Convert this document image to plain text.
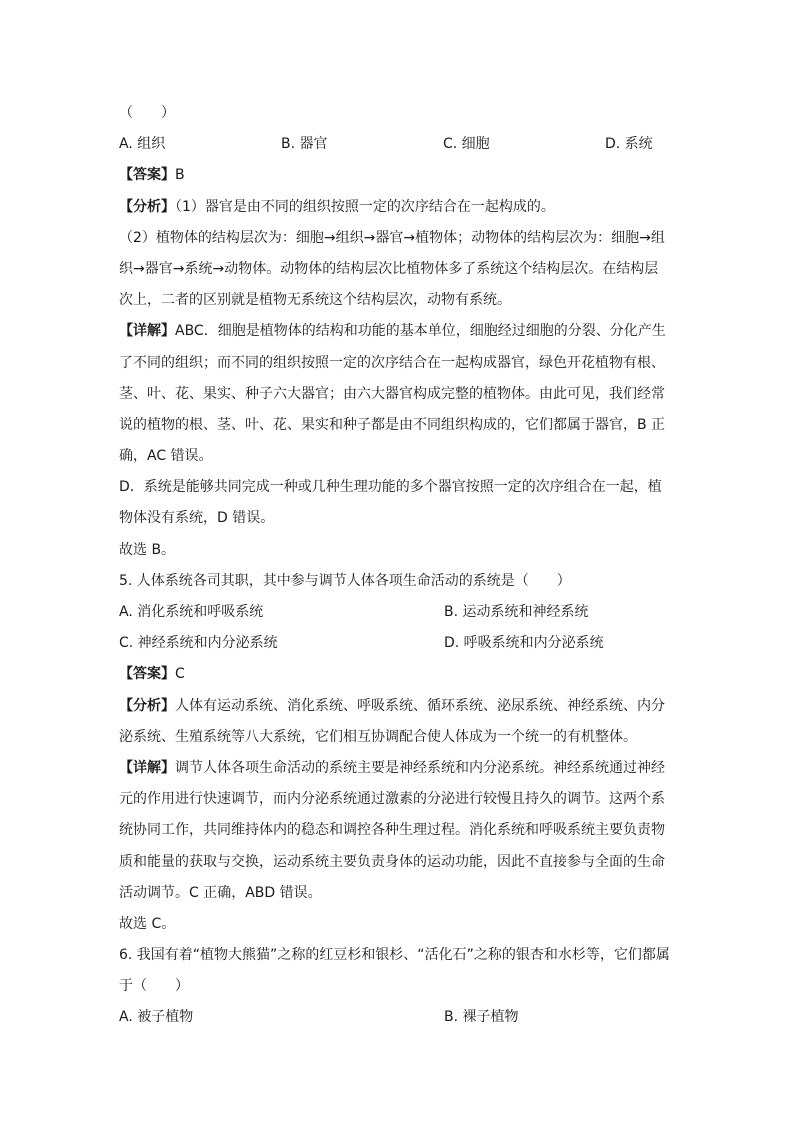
（　　）
A. 组织	B. 器官	C. 细胞	D. 系统
【答案】B
【分析】（1）器官是由不同的组织按照一定的次序结合在一起构成的。
（2）植物体的结构层次为：细胞→组织→器官→植物体；动物体的结构层次为：细胞→组
织→器官→系统→动物体。动物体的结构层次比植物体多了系统这个结构层次。在结构层
次上，二者的区别就是植物无系统这个结构层次，动物有系统。
【详解】ABC．细胞是植物体的结构和功能的基本单位，细胞经过细胞的分裂、分化产生
了不同的组织；而不同的组织按照一定的次序结合在一起构成器官，绿色开花植物有根、
茎、叶、花、果实、种子六大器官；由六大器官构成完整的植物体。由此可见，我们经常
说的植物的根、茎、叶、花、果实和种子都是由不同组织构成的，它们都属于器官，B 正
确，AC 错误。
D．系统是能够共同完成一种或几种生理功能的多个器官按照一定的次序组合在一起，植
物体没有系统，D 错误。
故选 B。
5. 人体系统各司其职，其中参与调节人体各项生命活动的系统是（　　）
A. 消化系统和呼吸系统	B. 运动系统和神经系统
C. 神经系统和内分泌系统	D. 呼吸系统和内分泌系统
【答案】C
【分析】人体有运动系统、消化系统、呼吸系统、循环系统、泌尿系统、神经系统、内分
泌系统、生殖系统等八大系统，它们相互协调配合使人体成为一个统一的有机整体。
【详解】调节人体各项生命活动的系统主要是神经系统和内分泌系统。神经系统通过神经
元的作用进行快速调节，而内分泌系统通过激素的分泌进行较慢且持久的调节。这两个系
统协同工作，共同维持体内的稳态和调控各种生理过程。消化系统和呼吸系统主要负责物
质和能量的获取与交换，运动系统主要负责身体的运动功能，因此不直接参与全面的生命
活动调节。C 正确，ABD 错误。
故选 C。
6. 我国有着“植物大熊猫”之称的红豆杉和银杉、“活化石”之称的银杏和水杉等，它们都属
于（　　）
A. 被子植物	B. 裸子植物
